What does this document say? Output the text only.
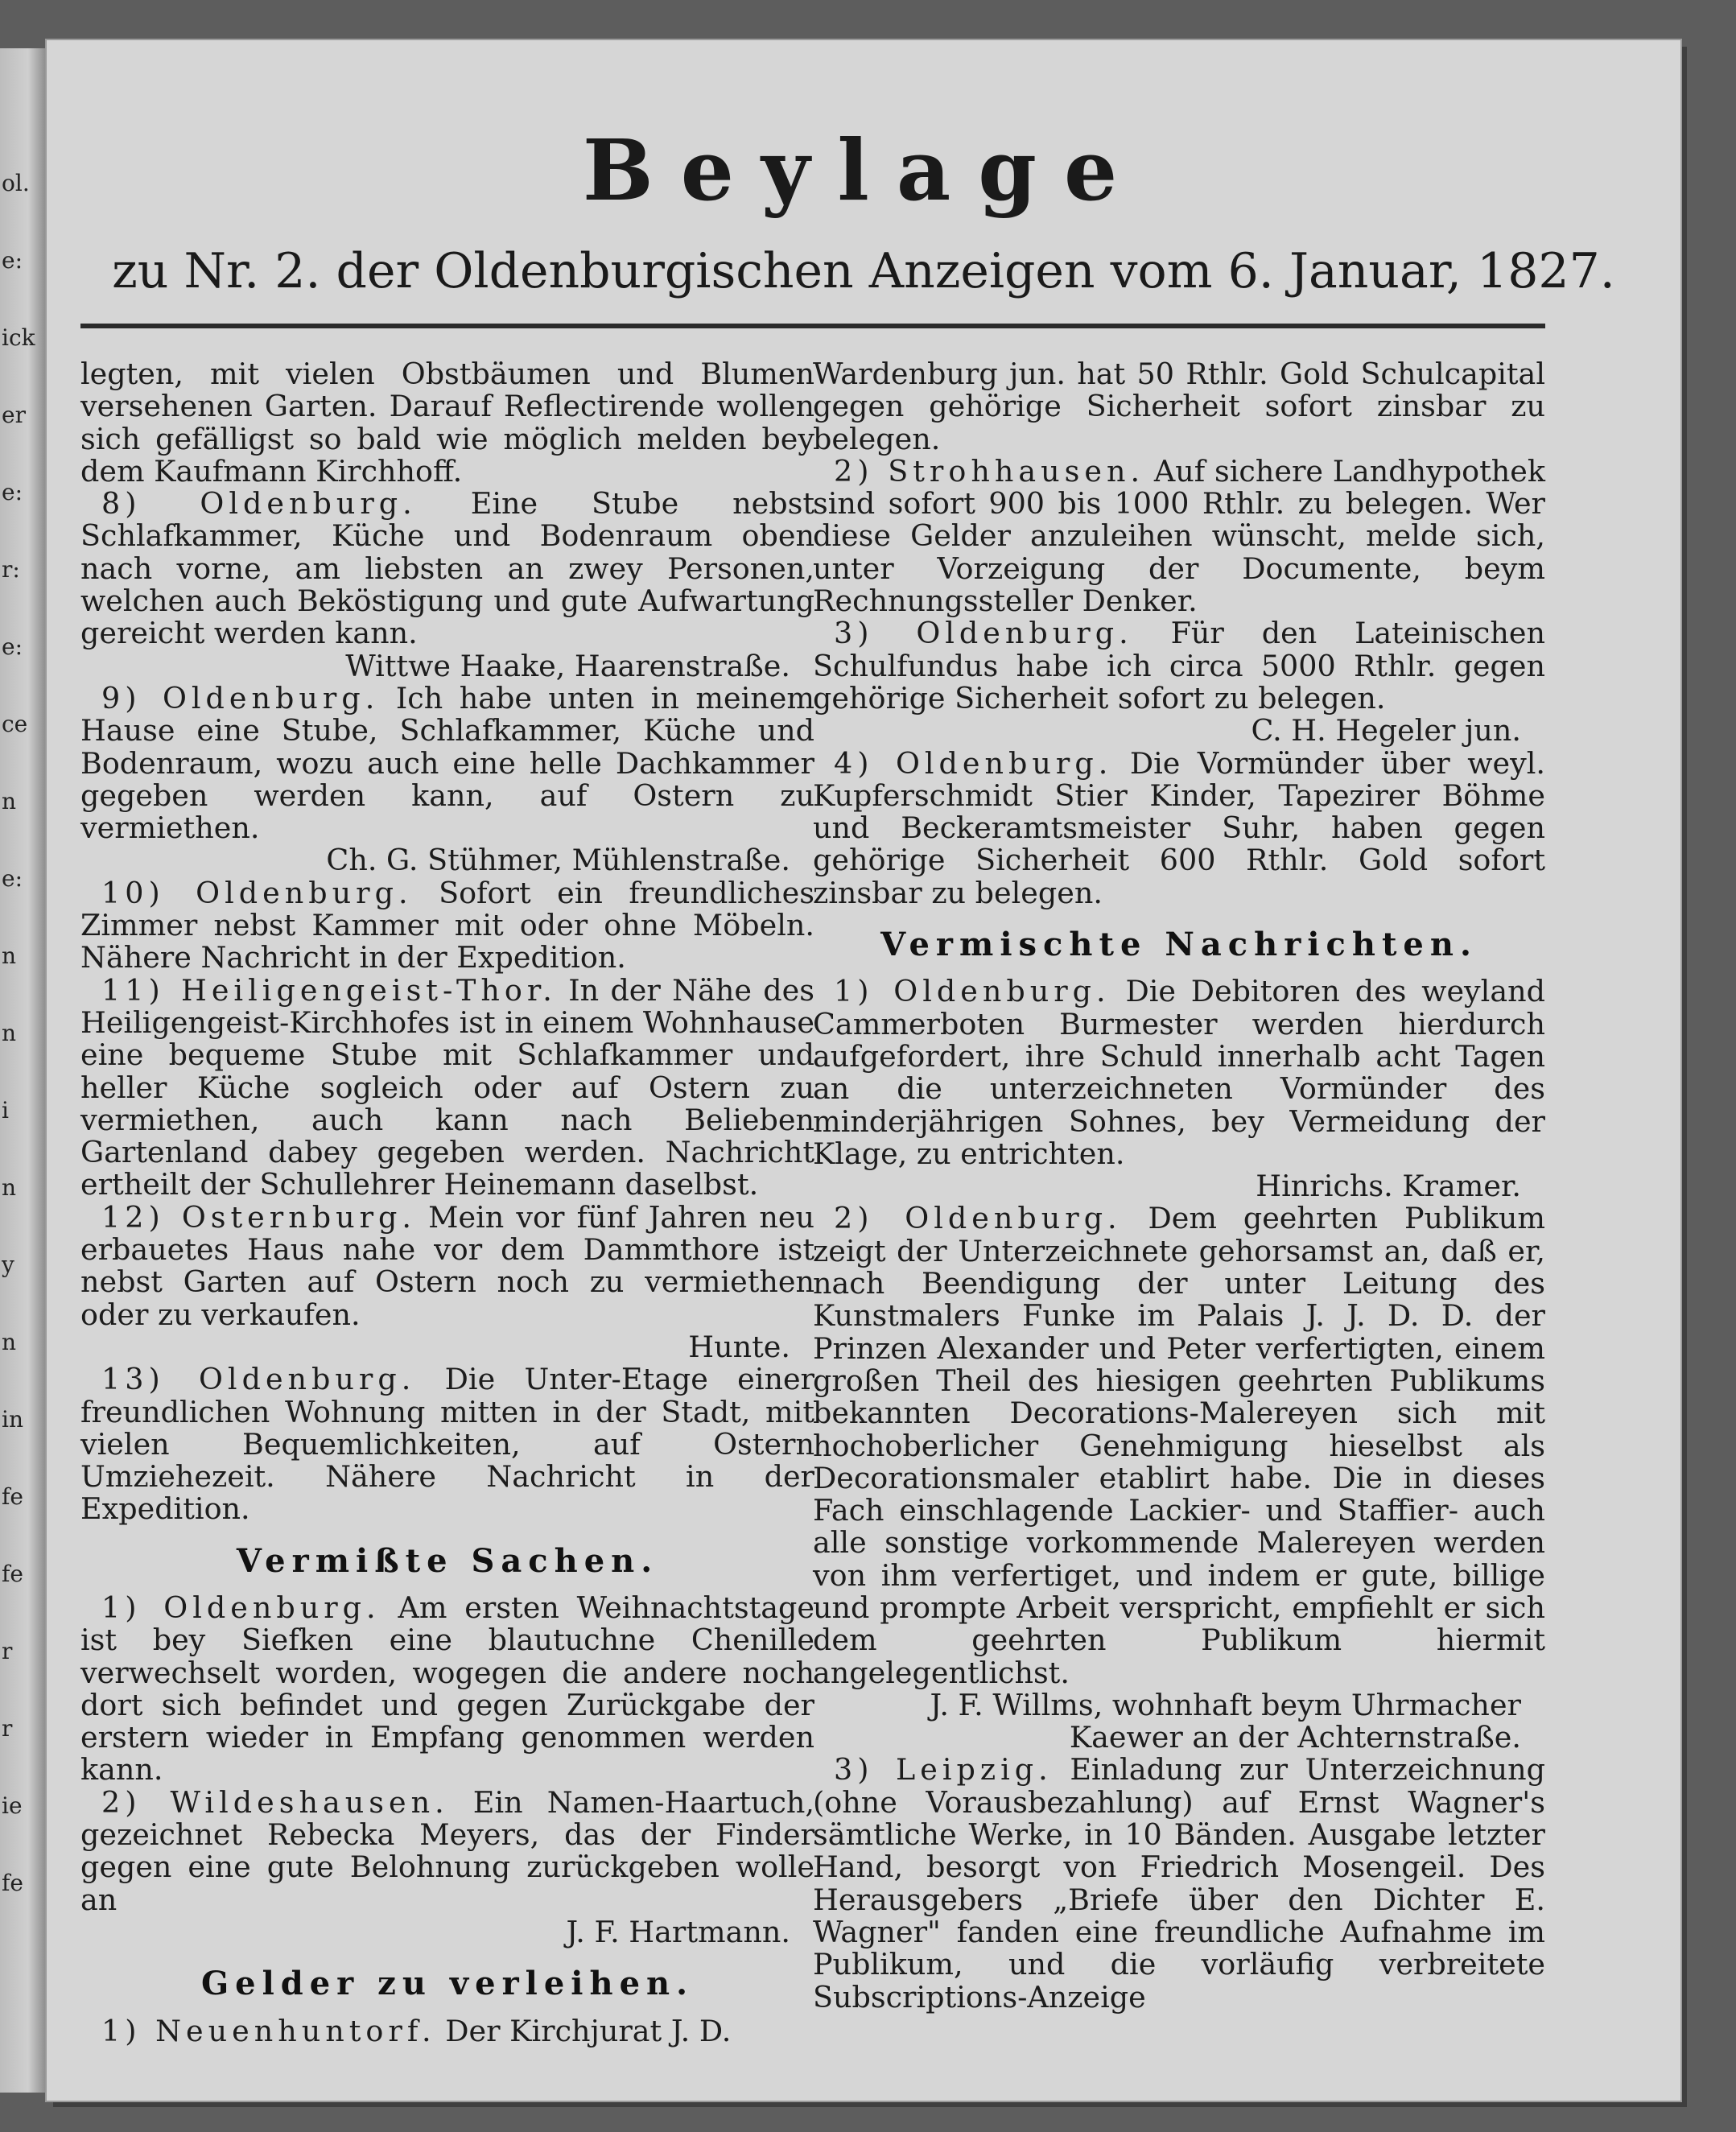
ol.
e:
ick
er
e:
r:
e:
ce
n
e:
n
n
i
n
y
n
in
fe
fe
r
r
ie
fe
Beylage
zu Nr. 2. der Oldenburgischen Anzeigen vom 6. Januar, 1827.

legten, mit vielen Obstbäumen und Blumen versehenen Garten. Darauf Reflectirende wollen sich gefälligst so bald wie möglich melden bey dem Kaufmann Kirchhoff.

8) Oldenburg. Eine Stube nebst Schlafkammer, Küche und Bodenraum oben nach vorne, am liebsten an zwey Personen, welchen auch Beköstigung und gute Aufwartung gereicht werden kann.

Wittwe Haake, Haarenstraße.

9) Oldenburg. Ich habe unten in meinem Hause eine Stube, Schlafkammer, Küche und Bodenraum, wozu auch eine helle Dachkammer gegeben werden kann, auf Ostern zu vermiethen.

Ch. G. Stühmer, Mühlenstraße.

10) Oldenburg. Sofort ein freundliches Zimmer nebst Kammer mit oder ohne Möbeln. Nähere Nachricht in der Expedition.

11) Heiligengeist-Thor. In der Nähe des Heiligengeist-Kirchhofes ist in einem Wohnhause eine bequeme Stube mit Schlafkammer und heller Küche sogleich oder auf Ostern zu vermiethen, auch kann nach Belieben Gartenland dabey gegeben werden. Nachricht ertheilt der Schullehrer Heinemann daselbst.

12) Osternburg. Mein vor fünf Jahren neu erbauetes Haus nahe vor dem Dammthore ist nebst Garten auf Ostern noch zu vermiethen oder zu verkaufen.

Hunte.

13) Oldenburg. Die Unter-Etage einer freundlichen Wohnung mitten in der Stadt, mit vielen Bequemlichkeiten, auf Ostern Umziehezeit. Nähere Nachricht in der Expedition.

Vermißte Sachen.

1) Oldenburg. Am ersten Weihnachtstage ist bey Siefken eine blautuchne Chenille verwechselt worden, wogegen die andere noch dort sich befindet und gegen Zurückgabe der erstern wieder in Empfang genommen werden kann.

2) Wildeshausen. Ein Namen-Haartuch, gezeichnet Rebecka Meyers, das der Finder gegen eine gute Belohnung zurückgeben wolle an

J. F. Hartmann.

Gelder zu verleihen.

1) Neuenhuntorf. Der Kirchjurat J. D.

Wardenburg jun. hat 50 Rthlr. Gold Schulcapital gegen gehörige Sicherheit sofort zinsbar zu belegen.

2) Strohhausen. Auf sichere Landhypothek sind sofort 900 bis 1000 Rthlr. zu belegen. Wer diese Gelder anzuleihen wünscht, melde sich, unter Vorzeigung der Documente, beym Rechnungssteller Denker.

3) Oldenburg. Für den Lateinischen Schulfundus habe ich circa 5000 Rthlr. gegen gehörige Sicherheit sofort zu belegen.

C. H. Hegeler jun.

4) Oldenburg. Die Vormünder über weyl. Kupferschmidt Stier Kinder, Tapezirer Böhme und Beckeramtsmeister Suhr, haben gegen gehörige Sicherheit 600 Rthlr. Gold sofort zinsbar zu belegen.

Vermischte Nachrichten.

1) Oldenburg. Die Debitoren des weyland Cammerboten Burmester werden hierdurch aufgefordert, ihre Schuld innerhalb acht Tagen an die unterzeichneten Vormünder des minderjährigen Sohnes, bey Vermeidung der Klage, zu entrichten.

Hinrichs. Kramer.

2) Oldenburg. Dem geehrten Publikum zeigt der Unterzeichnete gehorsamst an, daß er, nach Beendigung der unter Leitung des Kunstmalers Funke im Palais J. J. D. D. der Prinzen Alexander und Peter verfertigten, einem großen Theil des hiesigen geehrten Publikums bekannten Decorations-Malereyen sich mit hochoberlicher Genehmigung hieselbst als Decorationsmaler etablirt habe. Die in dieses Fach einschlagende Lackier- und Staffier- auch alle sonstige vorkommende Malereyen werden von ihm verfertiget, und indem er gute, billige und prompte Arbeit verspricht, empfiehlt er sich dem geehrten Publikum hiermit angelegentlichst.

J. F. Willms, wohnhaft beym Uhrmacher

Kaewer an der Achternstraße.

3) Leipzig. Einladung zur Unterzeichnung (ohne Vorausbezahlung) auf Ernst Wagner's sämtliche Werke, in 10 Bänden. Ausgabe letzter Hand, besorgt von Friedrich Mosengeil. Des Herausgebers „Briefe über den Dichter E. Wagner" fanden eine freundliche Aufnahme im Publikum, und die vorläufig verbreitete Subscriptions-Anzeige
